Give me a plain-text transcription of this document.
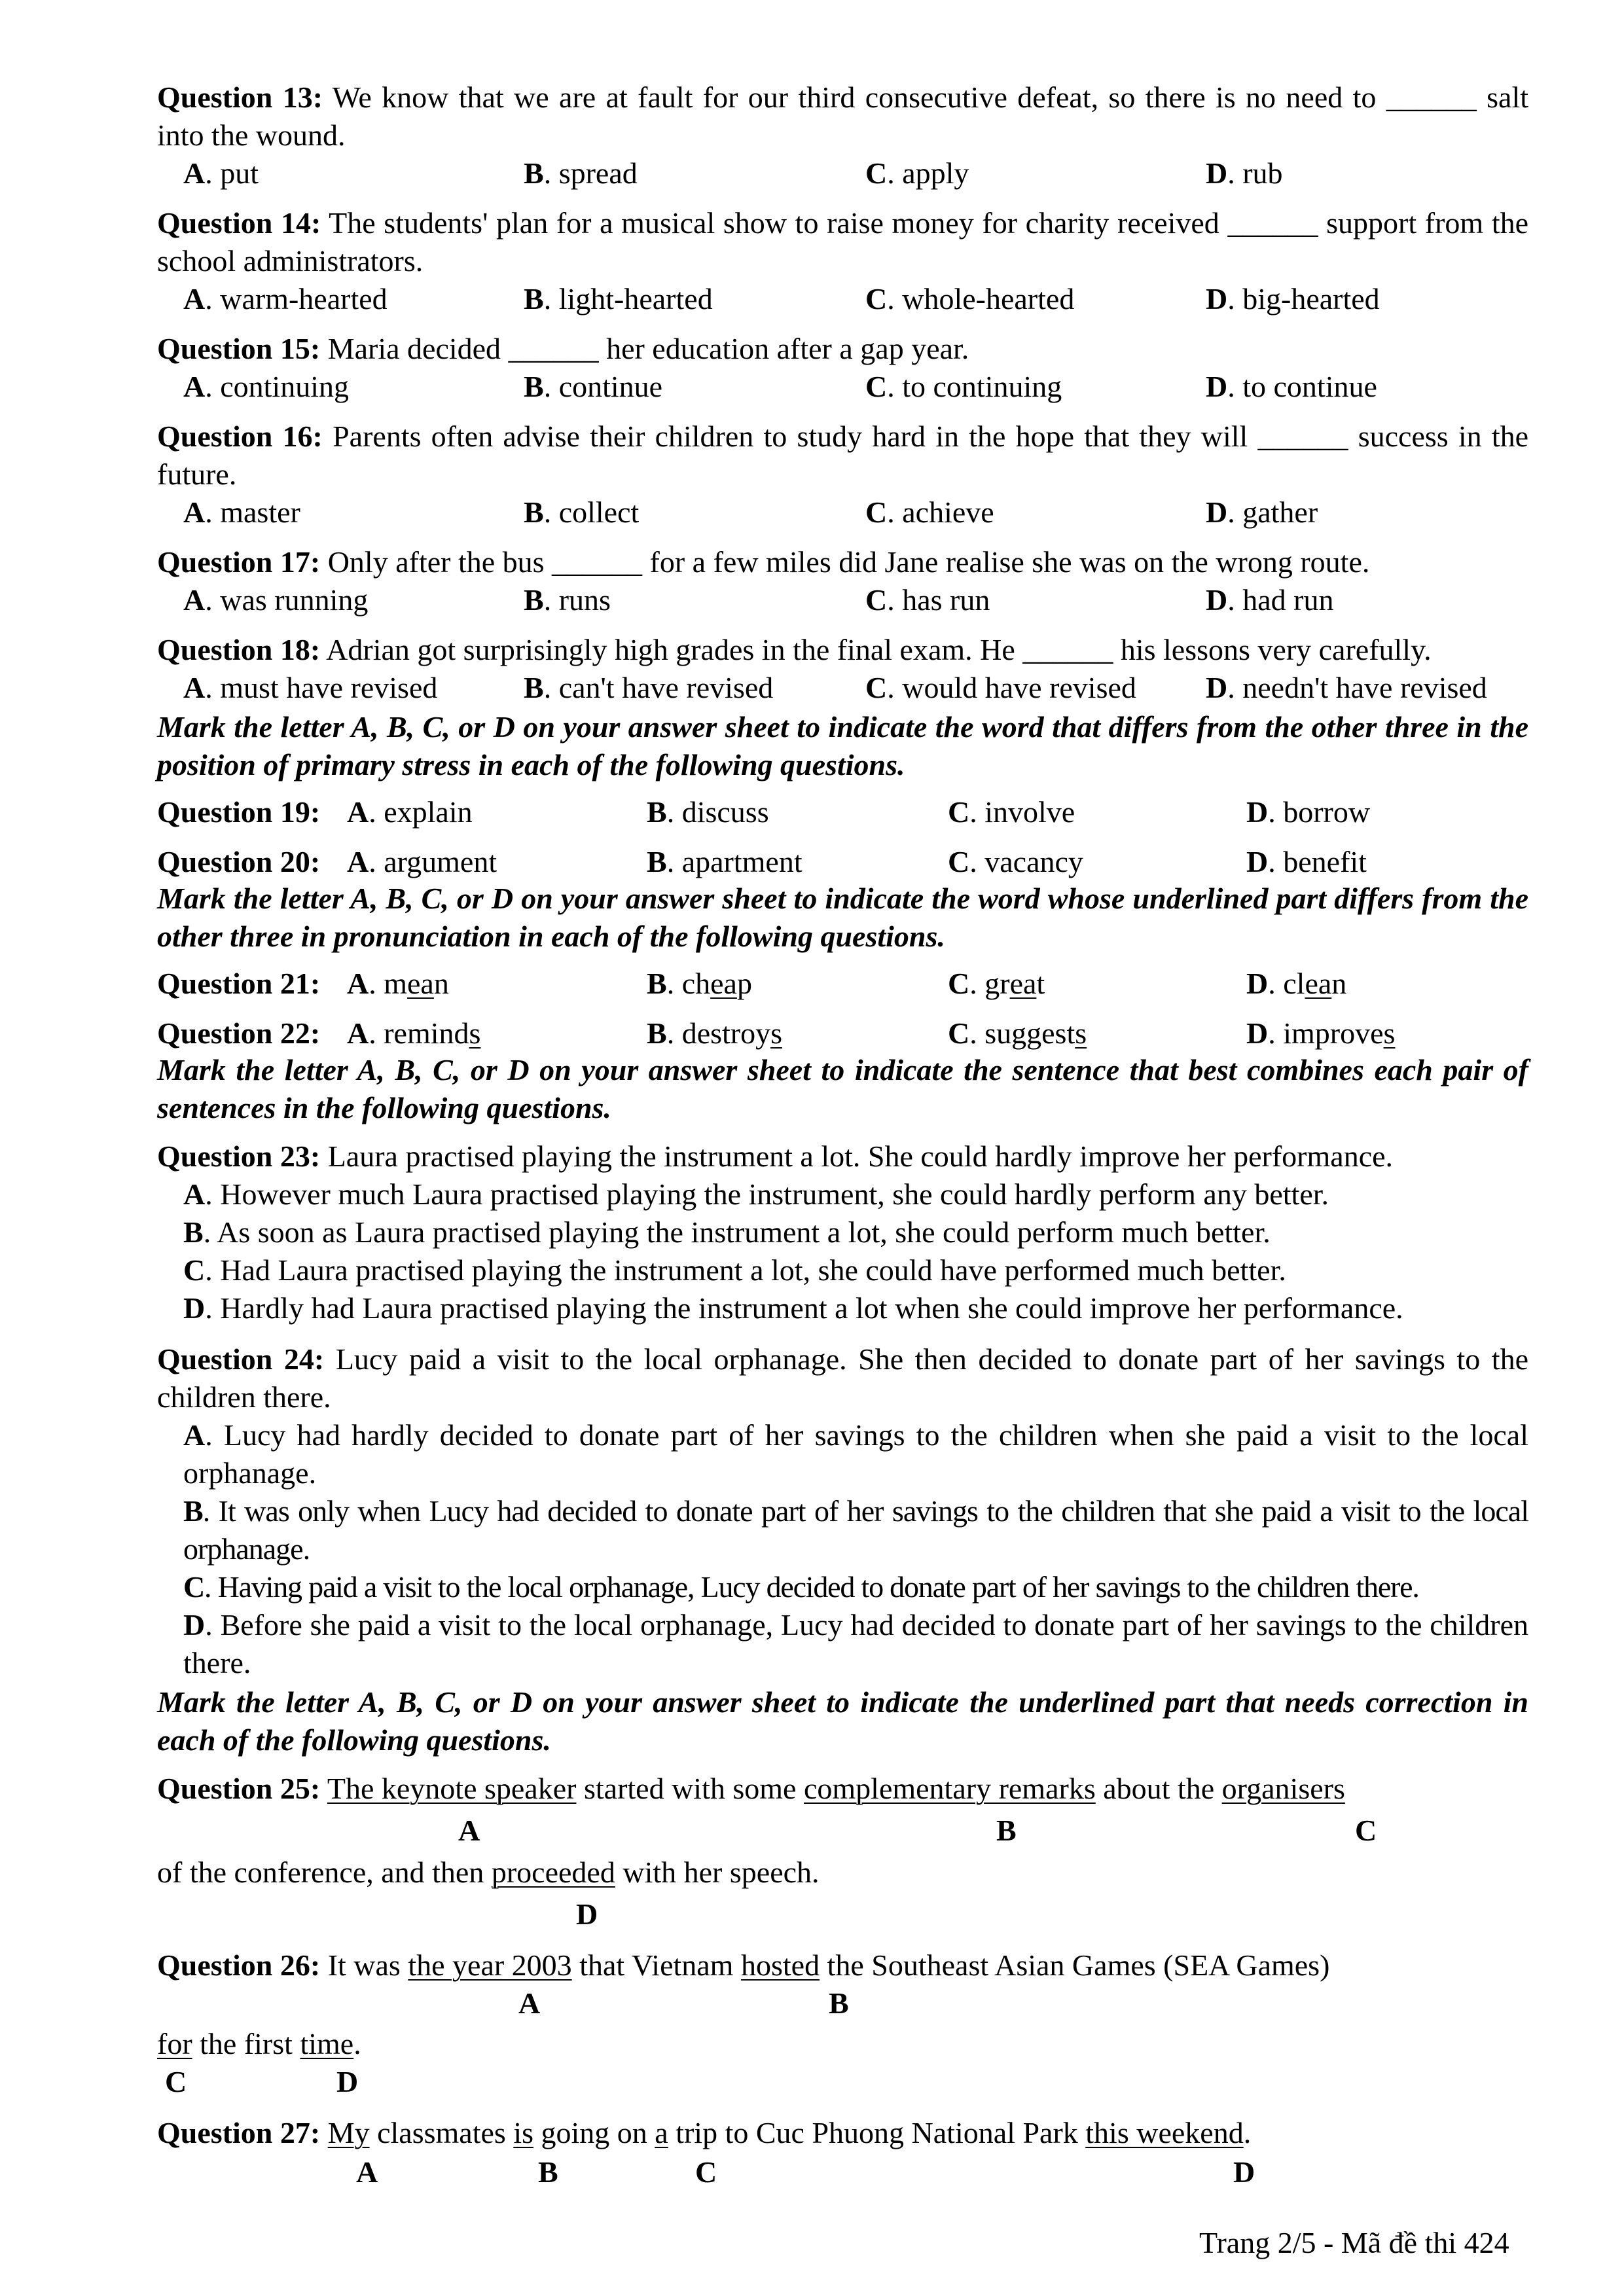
Question 13: We know that we are at fault for our third consecutive defeat, so there is no need to ______ salt into the wound.
A. put	B. spread	C. apply	D. rub
Question 14: The students' plan for a musical show to raise money for charity received ______ support from the school administrators.
A. warm-hearted	B. light-hearted	C. whole-hearted	D. big-hearted
Question 15: Maria decided ______ her education after a gap year.
A. continuing	B. continue	C. to continuing	D. to continue
Question 16: Parents often advise their children to study hard in the hope that they will ______ success in the future.
A. master	B. collect	C. achieve	D. gather
Question 17: Only after the bus ______ for a few miles did Jane realise she was on the wrong route.
A. was running	B. runs	C. has run	D. had run
Question 18: Adrian got surprisingly high grades in the final exam. He ______ his lessons very carefully.
A. must have revised	B. can't have revised	C. would have revised D. needn't have revised
Mark the letter A, B, C, or D on your answer sheet to indicate the word that differs from the other three in the position of primary stress in each of the following questions.
Question 19: A. explain	B. discuss	C. involve	D. borrow
Question 20: A. argument	B. apartment	C. vacancy	D. benefit
Mark the letter A, B, C, or D on your answer sheet to indicate the word whose underlined part differs from the other three in pronunciation in each of the following questions.
Question 21: A. mean	B. cheap	C. great	D. clean
Question 22: A. reminds	B. destroys	C. suggests	D. improves
Mark the letter A, B, C, or D on your answer sheet to indicate the sentence that best combines each pair of sentences in the following questions.
Question 23: Laura practised playing the instrument a lot. She could hardly improve her performance.
A. However much Laura practised playing the instrument, she could hardly perform any better.
B. As soon as Laura practised playing the instrument a lot, she could perform much better.
C. Had Laura practised playing the instrument a lot, she could have performed much better.
D. Hardly had Laura practised playing the instrument a lot when she could improve her performance.
Question 24: Lucy paid a visit to the local orphanage. She then decided to donate part of her savings to the children there.
A. Lucy had hardly decided to donate part of her savings to the children when she paid a visit to the local orphanage.
B. It was only when Lucy had decided to donate part of her savings to the children that she paid a visit to the local orphanage.
C. Having paid a visit to the local orphanage, Lucy decided to donate part of her savings to the children there.
D. Before she paid a visit to the local orphanage, Lucy had decided to donate part of her savings to the children there.
Mark the letter A, B, C, or D on your answer sheet to indicate the underlined part that needs correction in each of the following questions.
Question 25: The keynote speaker started with some complementary remarks about the organisers
A	B	C
of the conference, and then proceeded with her speech.
D
Question 26: It was the year 2003 that Vietnam hosted the Southeast Asian Games (SEA Games)
A	B
for the first time.
C	D
Question 27: My classmates is going on a trip to Cuc Phuong National Park this weekend.
A	B	C	D
Trang 2/5 - Mã đề thi 424
